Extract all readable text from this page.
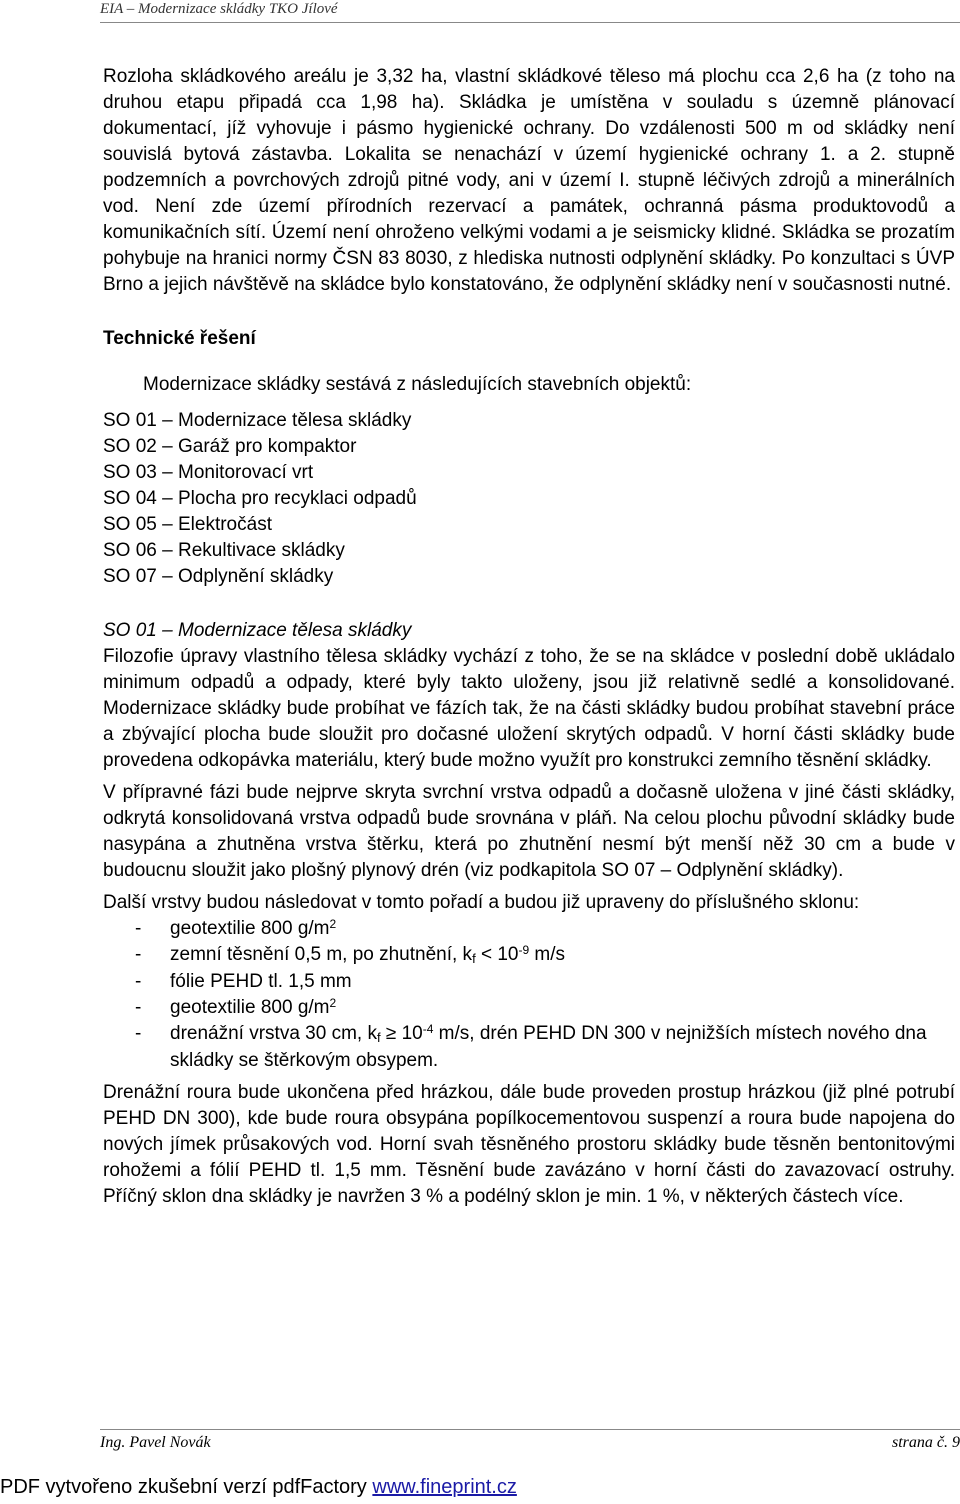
EIA – Modernizace skládky TKO Jílové

Rozloha skládkového areálu je 3,32 ha, vlastní skládkové těleso má plochu cca 2,6 ha (z toho na druhou etapu připadá cca 1,98 ha). Skládka je umístěna v souladu s územně plánovací dokumentací, jíž vyhovuje i pásmo hygienické ochrany. Do vzdálenosti 500 m od skládky není souvislá bytová zástavba. Lokalita se nenachází v území hygienické ochrany 1. a 2. stupně podzemních a povrchových zdrojů pitné vody, ani v území I. stupně léčivých zdrojů a minerálních vod. Není zde území přírodních rezervací a památek, ochranná pásma produktovodů a komunikačních sítí. Území není ohroženo velkými vodami a je seismicky klidné. Skládka se prozatím pohybuje na hranici normy ČSN 83 8030, z hlediska nutnosti odplynění skládky. Po konzultaci s ÚVP Brno a jejich návštěvě na skládce bylo konstatováno, že odplynění skládky není v současnosti nutné.

Technické řešení
Modernizace skládky sestává z následujících stavebních objektů:
SO 01 – Modernizace tělesa skládky
SO 02 – Garáž pro kompaktor
SO 03 – Monitorovací vrt
SO 04 – Plocha pro recyklaci odpadů
SO 05 – Elektročást
SO 06 – Rekultivace skládky
SO 07 – Odplynění skládky
SO 01 – Modernizace tělesa skládky

Filozofie úpravy vlastního tělesa skládky vychází z toho, že se na skládce v poslední době ukládalo minimum odpadů a odpady, které byly takto uloženy, jsou již relativně sedlé a konsolidované. Modernizace skládky bude probíhat ve fázích tak, že na části skládky budou probíhat stavební práce a zbývající plocha bude sloužit pro dočasné uložení skrytých odpadů. V horní části skládky bude provedena odkopávka materiálu, který bude možno využít pro konstrukci zemního těsnění skládky.

V přípravné fázi bude nejprve skryta svrchní vrstva odpadů a dočasně uložena v jiné části skládky, odkrytá konsolidovaná vrstva odpadů bude srovnána v pláň. Na celou plochu původní skládky bude nasypána a zhutněna vrstva štěrku, která po zhutnění nesmí být menší něž 30 cm a bude v budoucnu sloužit jako plošný plynový drén (viz podkapitola SO 07 – Odplynění skládky).

Další vrstvy budou následovat v tomto pořadí a budou již upraveny do příslušného sklonu:

- geotextilie 800 $g/m^2$
- zemní těsnění 0,5 m, po zhutnění, kf < $10^{-9}$ m/s
- fólie PEHD tl. 1,5 mm
- geotextilie 800 $g/m^2$
- drenážní vrstva 30 cm, kf ≥ $10^{-4}$ m/s, drén PEHD DN 300 v nejnižších místech nového dna skládky se štěrkovým obsypem.

Drenážní roura bude ukončena před hrázkou, dále bude proveden prostup hrázkou (již plné potrubí PEHD DN 300), kde bude roura obsypána popílkocementovou suspenzí a roura bude napojena do nových jímek průsakových vod. Horní svah těsněného prostoru skládky bude těsněn bentonitovými rohožemi a fólií PEHD tl. 1,5 mm. Těsnění bude zavázáno v horní části do zavazovací ostruhy. Příčný sklon dna skládky je navržen 3 % a podélný sklon je min. 1 %, v některých částech více.

Ing. Pavel Novák	strana č. 9
PDF vytvořeno zkušební verzí pdfFactory www.fineprint.cz
